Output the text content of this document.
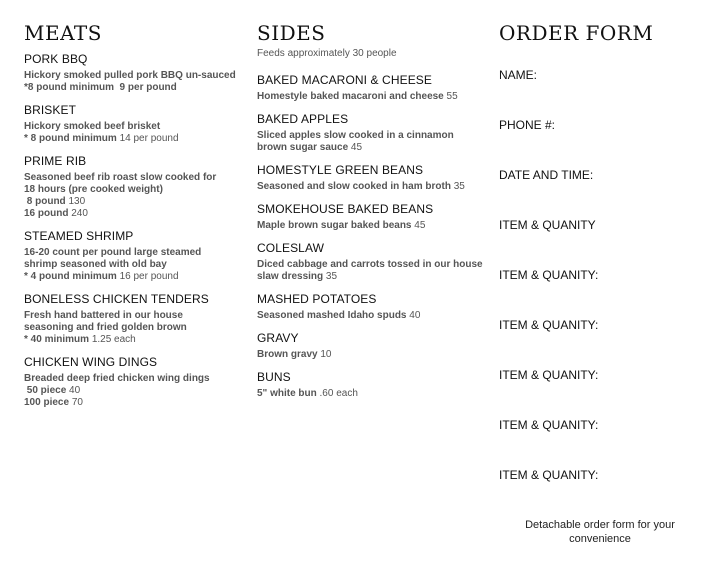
MEATS
PORK BBQ
Hickory smoked pulled pork BBQ un-sauced
*8 pound minimum  9 per pound
BRISKET
Hickory smoked beef brisket
* 8 pound minimum 14 per pound
PRIME RIB
Seasoned beef rib roast slow cooked for
18 hours (pre cooked weight)
8 pound 130
16 pound 240
STEAMED SHRIMP
16-20 count per pound large steamed
shrimp seasoned with old bay
* 4 pound minimum 16 per pound
BONELESS CHICKEN TENDERS
Fresh hand battered in our house
seasoning and fried golden brown
* 40 minimum 1.25 each
CHICKEN WING DINGS
Breaded deep fried chicken wing dings
50 piece 40
100 piece 70
SIDES
Feeds approximately 30 people
BAKED MACARONI & CHEESE
Homestyle baked macaroni and cheese 55
BAKED APPLES
Sliced apples slow cooked in a cinnamon
brown sugar sauce 45
HOMESTYLE GREEN BEANS
Seasoned and slow cooked in ham broth 35
SMOKEHOUSE BAKED BEANS
Maple brown sugar baked beans 45
COLESLAW
Diced cabbage and carrots tossed in our house
slaw dressing 35
MASHED POTATOES
Seasoned mashed Idaho spuds 40
GRAVY
Brown gravy 10
BUNS
5" white bun .60 each
ORDER FORM
NAME:
PHONE #:
DATE AND TIME:
ITEM & QUANITY
ITEM & QUANITY:
ITEM & QUANITY:
ITEM & QUANITY:
ITEM & QUANITY:
ITEM & QUANITY:
Detachable order form for your convenience
